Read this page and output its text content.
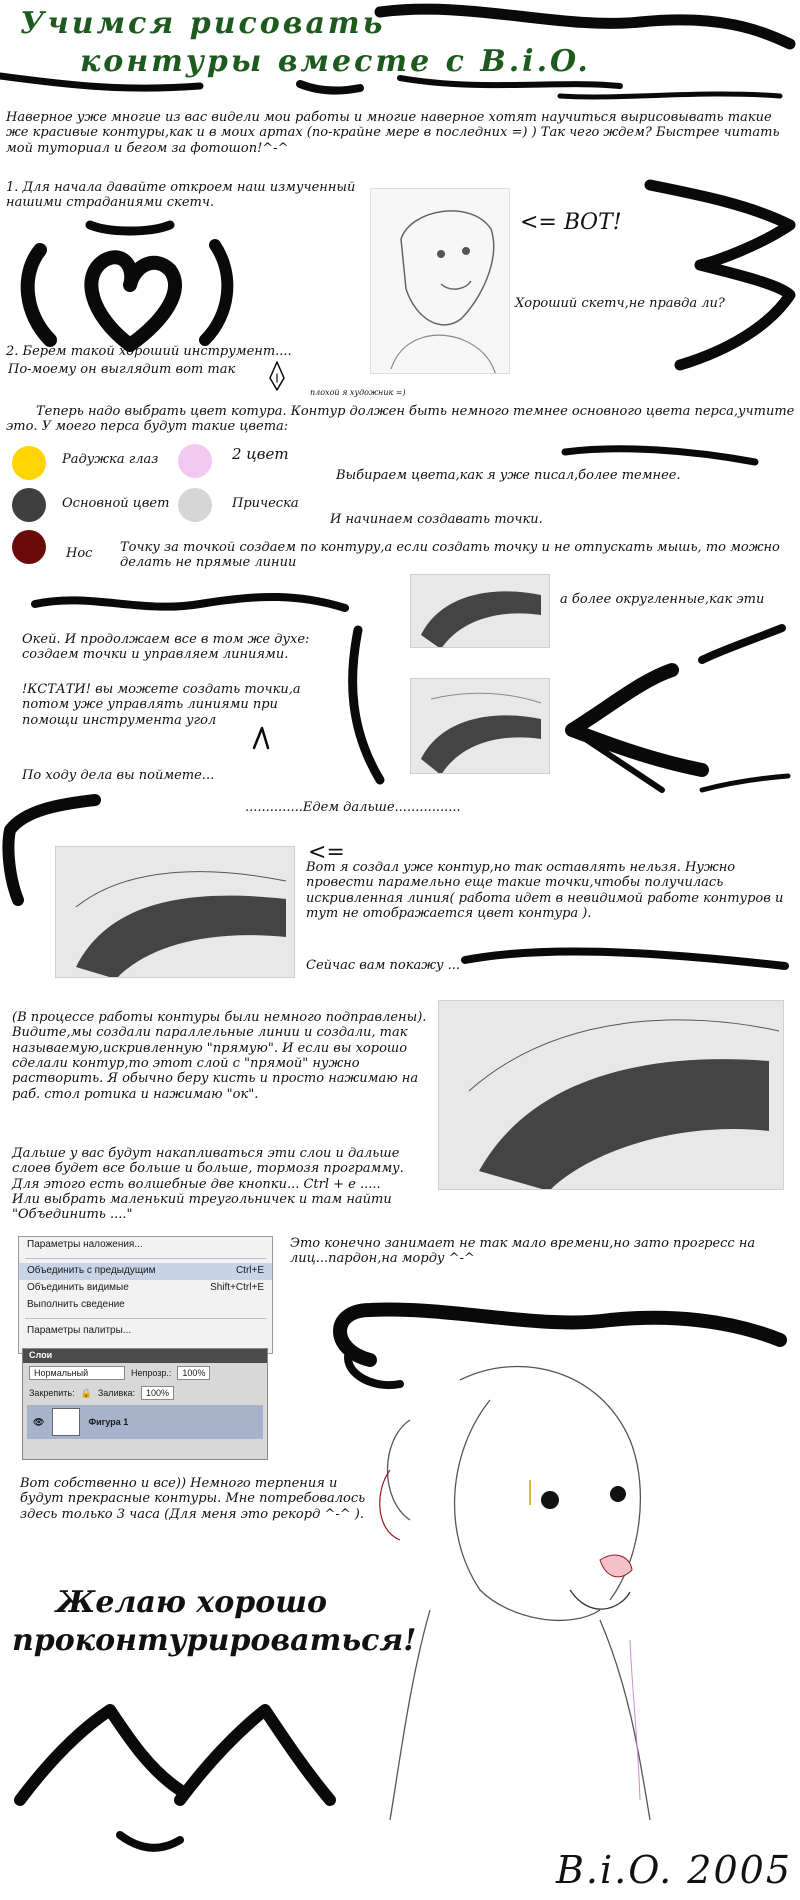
Учимся рисовать
контуры вместе с B.i.O.
Наверное уже многие из вас видели мои работы и многие наверное хотят научиться вырисовывать такие же красивые контуры,как и в моих артах (по-крайне мере в последних =) ) Так чего ждем? Быстрее читать мой туториал и бегом за фотошоп!^-^
1. Для начала давайте откроем наш измученный нашими страданиями скетч.
<= ВОТ!
Хороший скетч,не правда ли?
2. Берем такой хороший инструмент....
По-моему он выглядит вот так
плохой я художник =)
Теперь надо выбрать цвет котура. Контур должен быть немного темнее основного цвета перса,учтите это. У моего перса будут такие цвета:
Радужка глаз	2 цвет
Основной цвет	Прическа
Нос
Выбираем цвета,как я уже писал,более темнее.
И начинаем создавать точки.
Точку за точкой создаем по контуру,а если создать точку и не отпускать мышь, то можно делать не прямые линии
а более округленные,как эти
Окей. И продолжаем все в том же духе: создаем точки и управляем линиями.
!КСТАТИ! вы можете создать точки,а потом уже управлять линиями при помощи инструмента угол
По ходу дела вы поймете...
..............Едем дальше................
<=
Вот я создал уже контур,но так оставлять нельзя. Нужно провести парамельно еще такие точки,чтобы получилась искривленная линия( работа идет в невидимой работе контуров и тут не отображается цвет контура ).
Сейчас вам покажу ...
(В процессе работы контуры были немного подправлены). Видите,мы создали параллельные линии и создали, так называемую,искривленную "прямую". И если вы хорошо сделали контур,то этот слой с "прямой" нужно растворить. Я обычно беру кисть и просто нажимаю на раб. стол ротика и нажимаю "ок".
Дальше у вас будут накапливаться эти слои и дальше слоев будет все больше и больше, тормозя программу. Для этого есть волшебные две кнопки... Ctrl + e ..... Или выбрать маленький треугольничек и там найти "Объединить ...."
Параметры наложения...
Объединить с предыдущим	Ctrl+E
Объединить видимые	Shift+Ctrl+E
Выполнить сведение
Параметры палитры...
Слои
Нормальный	Непрозр.:	100%
Закрепить: 🔒 Заливка:	100%
👁	Фигура 1
Это конечно занимает не так мало времени,но зато прогресс на лиц...пардон,на морду ^-^
Вот собственно и все)) Немного терпения и будут прекрасные контуры. Мне потребовалось здесь только 3 часа (Для меня это рекорд ^-^ ).
Желаю хорошо
проконтурироваться!
B.i.O. 2005
